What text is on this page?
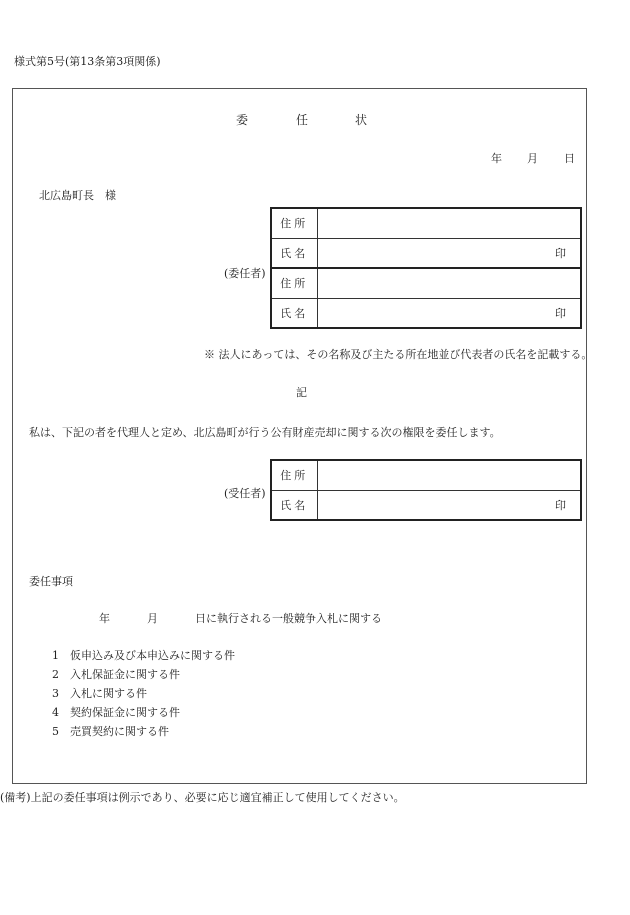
様式第5号(第13条第3項関係)
委	任	状
年 月 日
北広島町長　様
(委任者)
住所	
氏名	印
住所	
氏名	印
※ 法人にあっては、その名称及び主たる所在地並び代表者の氏名を記載する。
記
私は、下記の者を代理人と定め、北広島町が行う公有財産売却に関する次の権限を委任します。
(受任者)
住所	
氏名	印
委任事項
年	月	日に執行される一般競争入札に関する
1 仮申込み及び本申込みに関する件
2 入札保証金に関する件
3 入札に関する件
4 契約保証金に関する件
5 売買契約に関する件
(備考)上記の委任事項は例示であり、必要に応じ適宜補正して使用してください。
